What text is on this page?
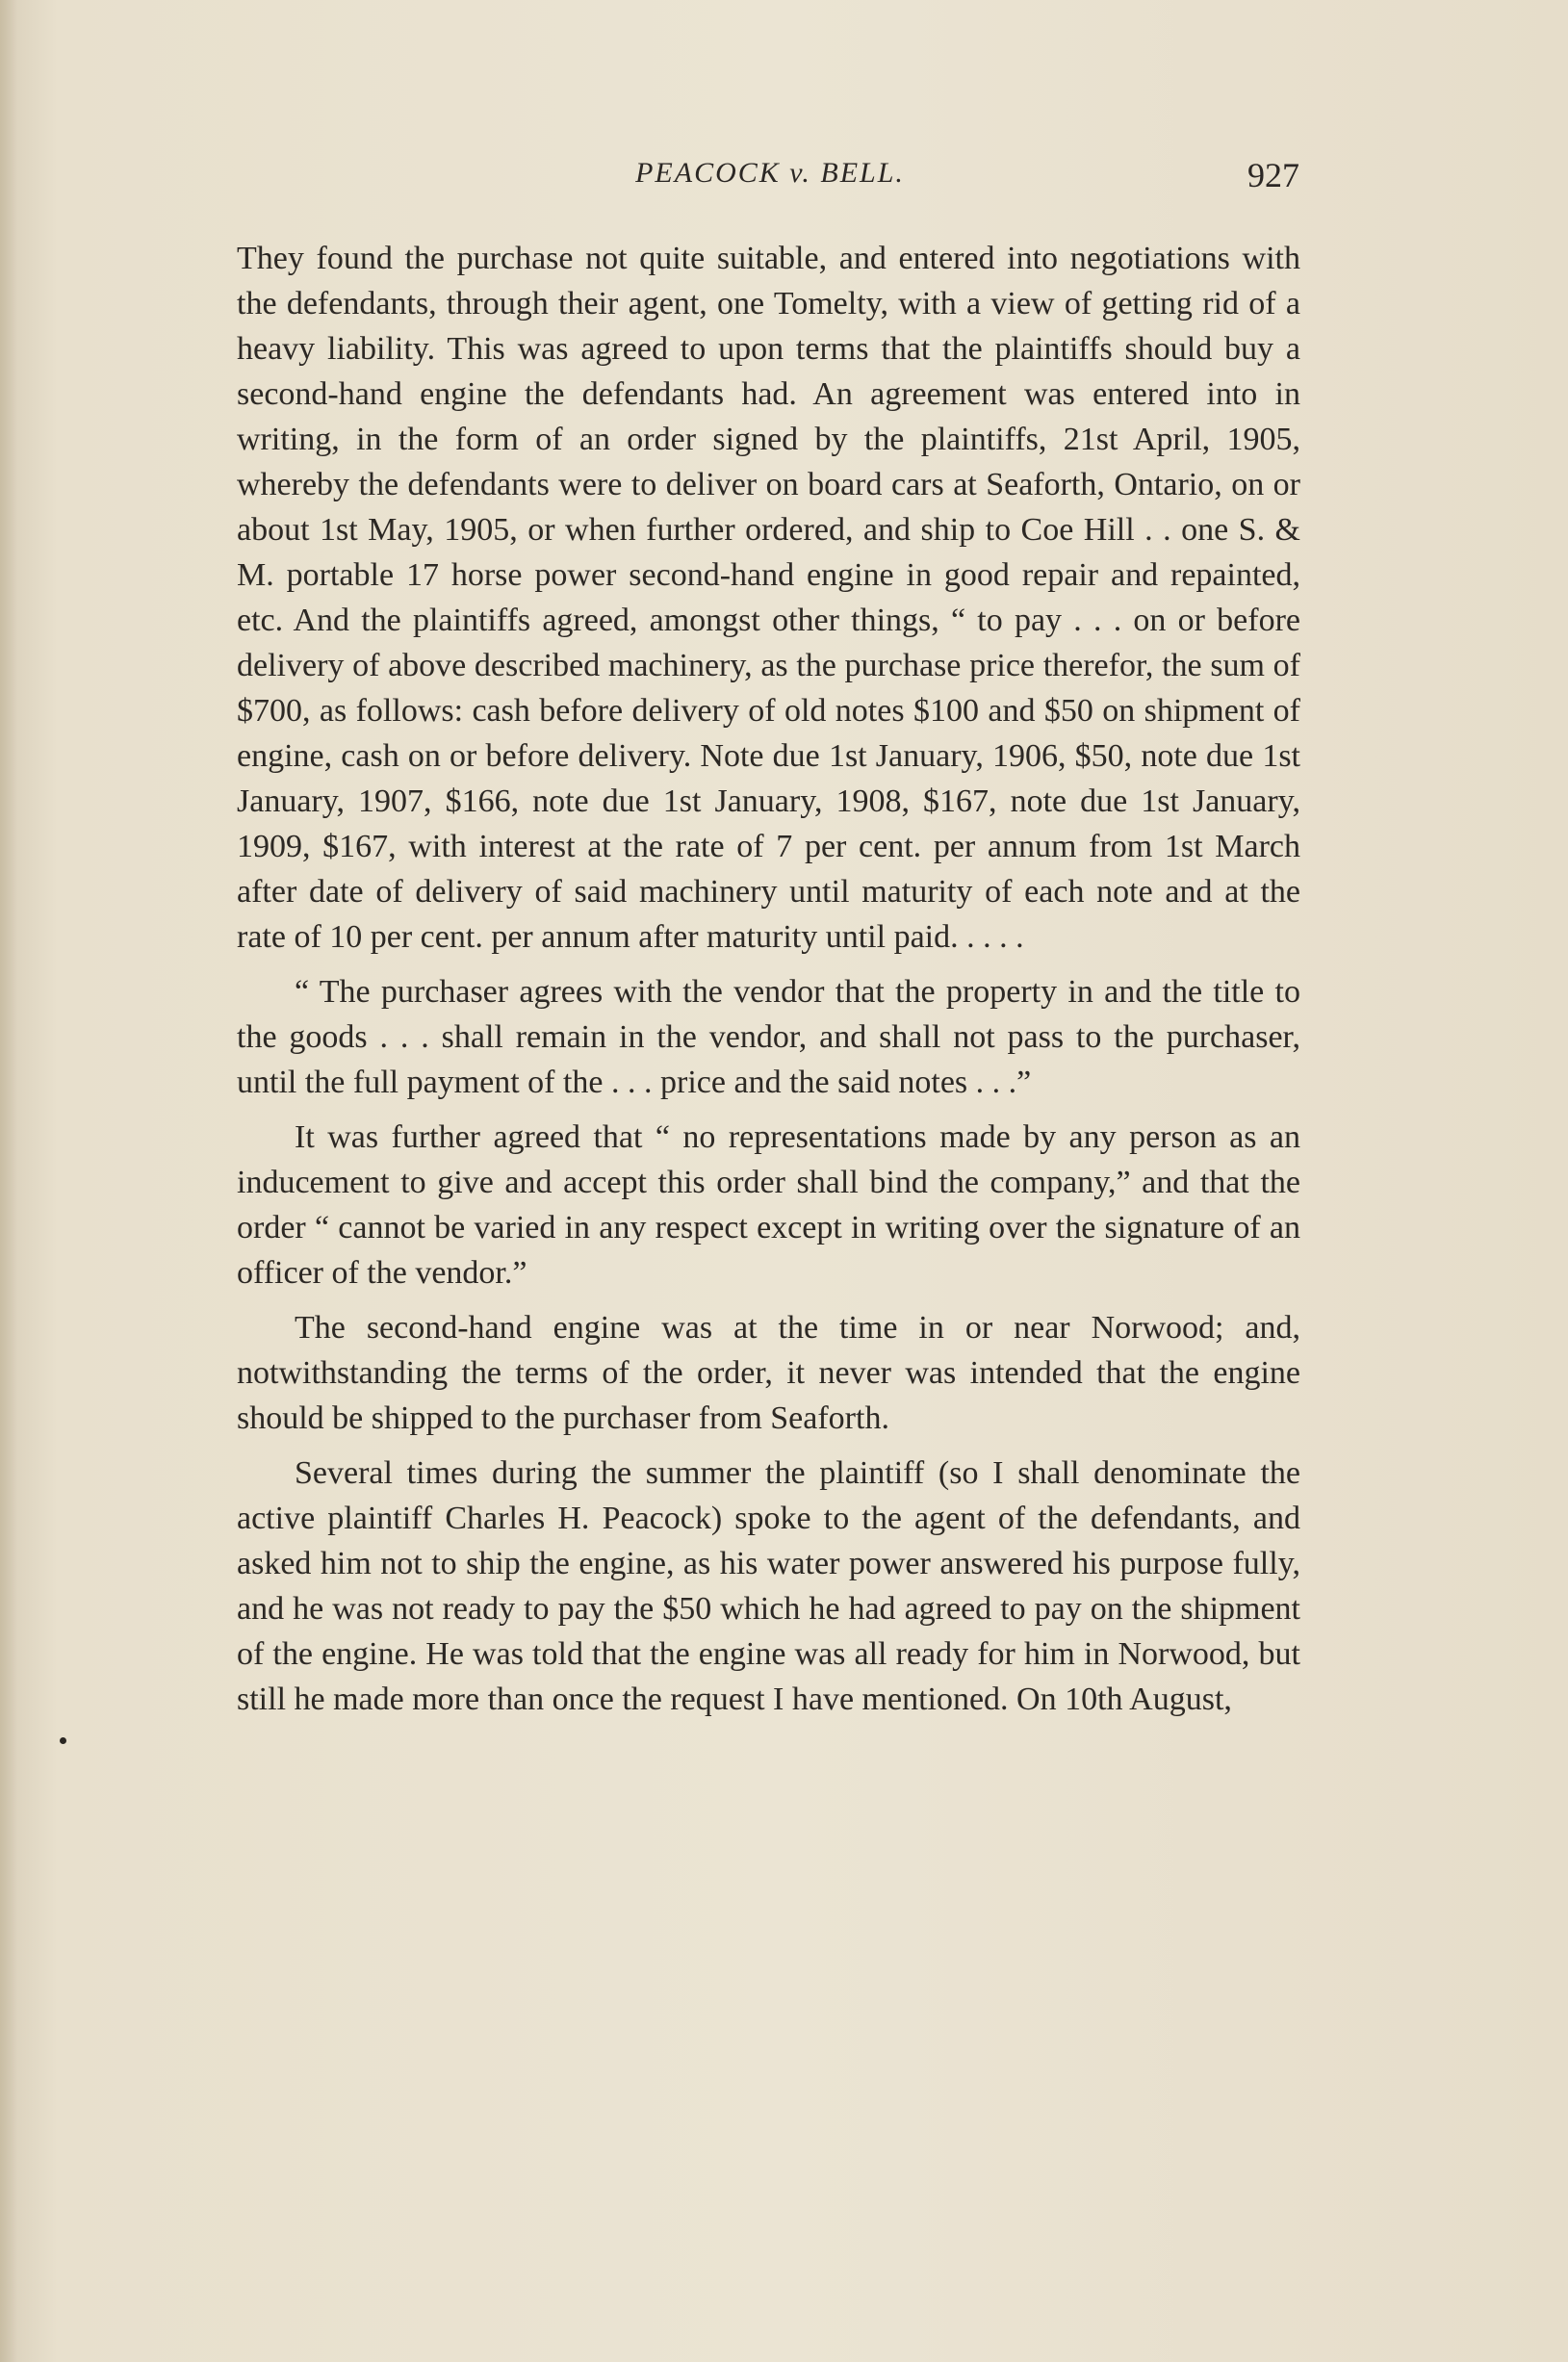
PEACOCK v. BELL.	927

They found the purchase not quite suitable, and entered into negotiations with the defendants, through their agent, one Tomelty, with a view of getting rid of a heavy liability. This was agreed to upon terms that the plaintiffs should buy a second-hand engine the defendants had. An agreement was entered into in writing, in the form of an order signed by the plaintiffs, 21st April, 1905, whereby the defendants were to deliver on board cars at Seaforth, Ontario, on or about 1st May, 1905, or when further ordered, and ship to Coe Hill . . one S. & M. portable 17 horse power second-hand engine in good repair and repainted, etc. And the plaintiffs agreed, amongst other things, “ to pay . . . on or before delivery of above described machinery, as the purchase price therefor, the sum of $700, as follows: cash before delivery of old notes $100 and $50 on shipment of engine, cash on or before delivery. Note due 1st January, 1906, $50, note due 1st January, 1907, $166, note due 1st January, 1908, $167, note due 1st January, 1909, $167, with interest at the rate of 7 per cent. per annum from 1st March after date of delivery of said machinery until maturity of each note and at the rate of 10 per cent. per annum after maturity until paid. . . . .

“ The purchaser agrees with the vendor that the property in and the title to the goods . . . shall remain in the vendor, and shall not pass to the purchaser, until the full payment of the . . . price and the said notes . . .”

It was further agreed that “ no representations made by any person as an inducement to give and accept this order shall bind the company,” and that the order “ cannot be varied in any respect except in writing over the signature of an officer of the vendor.”

The second-hand engine was at the time in or near Norwood; and, notwithstanding the terms of the order, it never was intended that the engine should be shipped to the purchaser from Seaforth.

Several times during the summer the plaintiff (so I shall denominate the active plaintiff Charles H. Peacock) spoke to the agent of the defendants, and asked him not to ship the engine, as his water power answered his purpose fully, and he was not ready to pay the $50 which he had agreed to pay on the shipment of the engine. He was told that the engine was all ready for him in Norwood, but still he made more than once the request I have mentioned. On 10th August,
